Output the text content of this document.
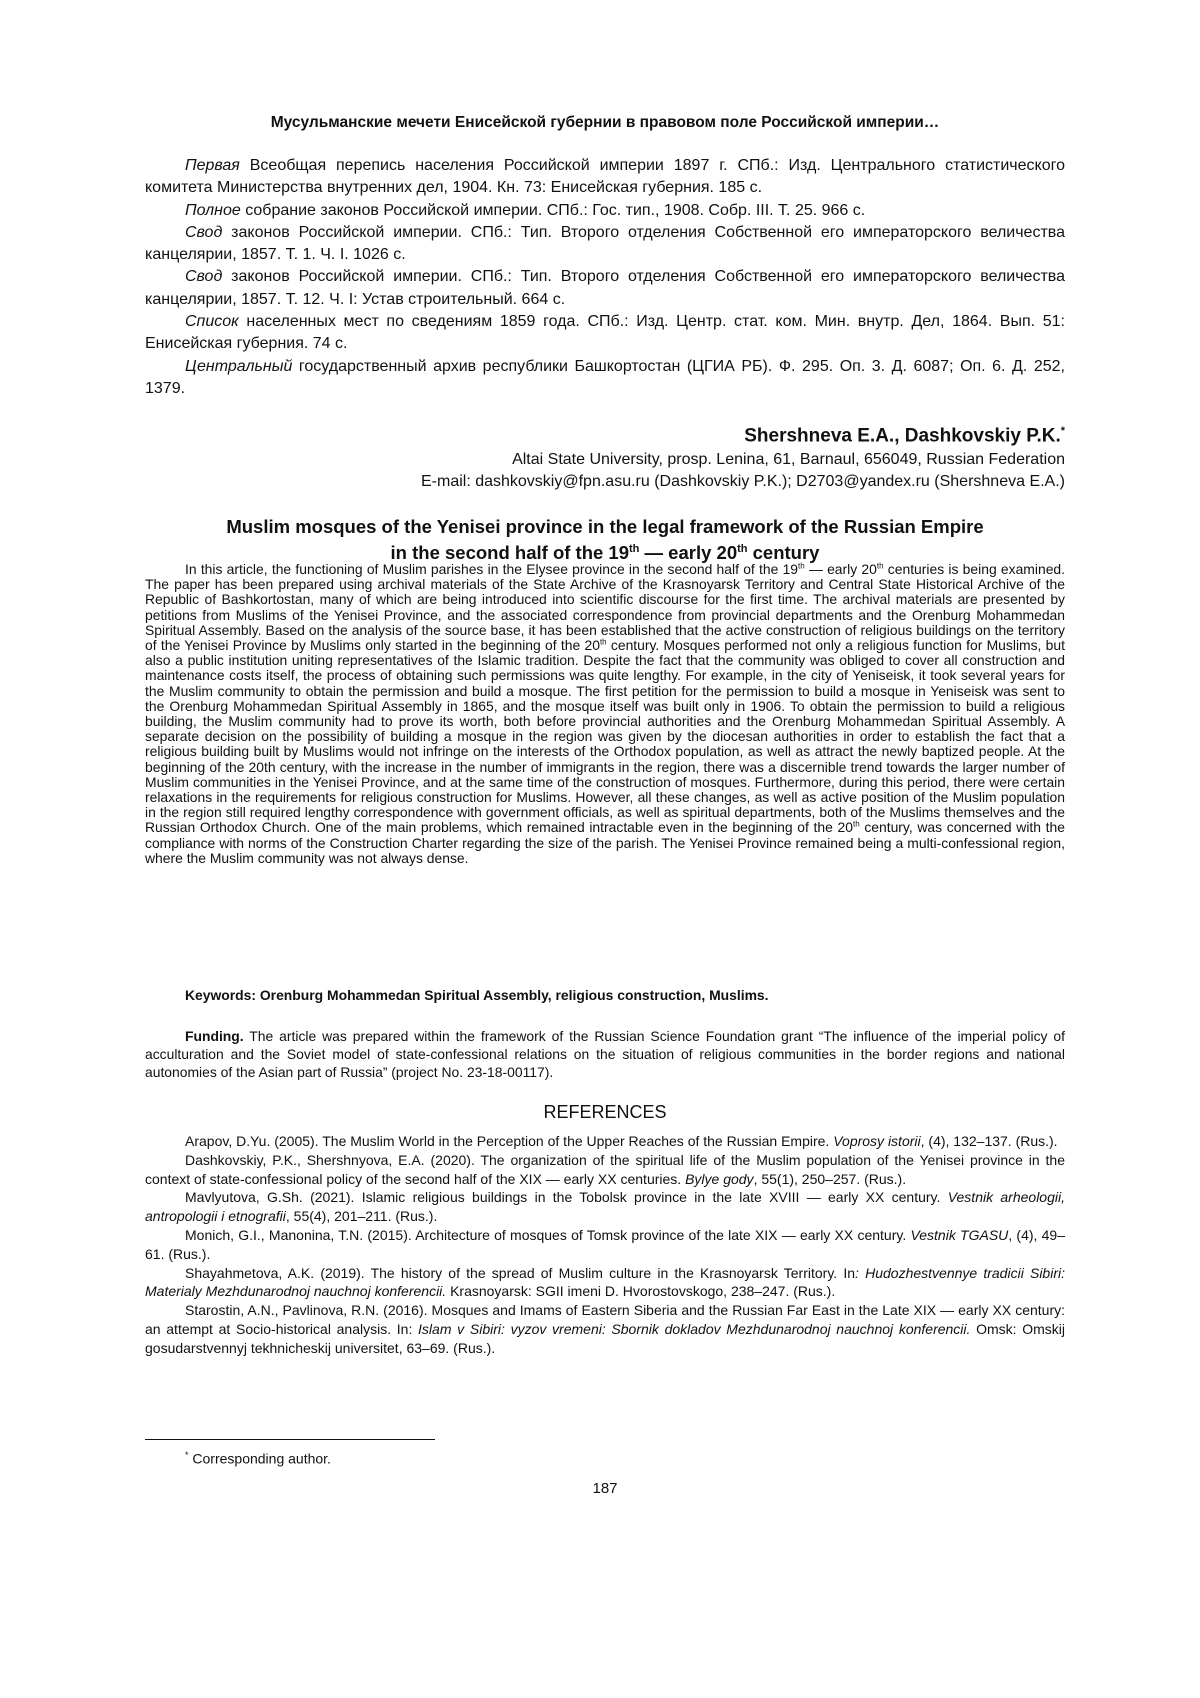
Мусульманские мечети Енисейской губернии в правовом поле Российской империи…

Первая Всеобщая перепись населения Российской империи 1897 г. СПб.: Изд. Центрального статистического комитета Министерства внутренних дел, 1904. Кн. 73: Енисейская губерния. 185 с.

Полное собрание законов Российской империи. СПб.: Гос. тип., 1908. Собр. III. Т. 25. 966 с.

Свод законов Российской империи. СПб.: Тип. Второго отделения Собственной его императорского величества канцелярии, 1857. Т. 1. Ч. I. 1026 с.

Свод законов Российской империи. СПб.: Тип. Второго отделения Собственной его императорского величества канцелярии, 1857. Т. 12. Ч. I: Устав строительный. 664 с.

Список населенных мест по сведениям 1859 года. СПб.: Изд. Центр. стат. ком. Мин. внутр. Дел, 1864. Вып. 51: Енисейская губерния. 74 с.

Центральный государственный архив республики Башкортостан (ЦГИА РБ). Ф. 295. Оп. 3. Д. 6087; Оп. 6. Д. 252, 1379.

Shershneva E.A., Dashkovskiy P.K.*
Altai State University, prosp. Lenina, 61, Barnaul, 656049, Russian Federation
E-mail: dashkovskiy@fpn.asu.ru (Dashkovskiy P.K.); D2703@yandex.ru (Shershneva E.A.)
Muslim mosques of the Yenisei province in the legal framework of the Russian Empire
in the second half of the 19th — early 20th century

In this article, the functioning of Muslim parishes in the Elysee province in the second half of the 19th — early 20th centuries is being examined. The paper has been prepared using archival materials of the State Archive of the Krasnoyarsk Territory and Central State Historical Archive of the Republic of Bashkortostan, many of which are being introduced into scientific discourse for the first time. The archival materials are presented by petitions from Muslims of the Yenisei Province, and the associated correspondence from provincial departments and the Orenburg Mohammedan Spiritual Assembly. Based on the analysis of the source base, it has been established that the active construction of religious buildings on the territory of the Yenisei Province by Muslims only started in the beginning of the 20th century. Mosques performed not only a religious function for Muslims, but also a public institution uniting representatives of the Islamic tradition. Despite the fact that the community was obliged to cover all construction and maintenance costs itself, the process of obtaining such permissions was quite lengthy. For example, in the city of Yeniseisk, it took several years for the Muslim community to obtain the permission and build a mosque. The first petition for the permission to build a mosque in Yeniseisk was sent to the Orenburg Mohammedan Spiritual Assembly in 1865, and the mosque itself was built only in 1906. To obtain the permission to build a religious building, the Muslim community had to prove its worth, both before provincial authorities and the Orenburg Mohammedan Spiritual Assembly. A separate decision on the possibility of building a mosque in the region was given by the diocesan authorities in order to establish the fact that a religious building built by Muslims would not infringe on the interests of the Orthodox population, as well as attract the newly baptized people. At the beginning of the 20th century, with the increase in the number of immigrants in the region, there was a discernible trend towards the larger number of Muslim communities in the Yenisei Province, and at the same time of the construction of mosques. Furthermore, during this period, there were certain relaxations in the requirements for religious construction for Muslims. However, all these changes, as well as active position of the Muslim population in the region still required lengthy correspondence with government officials, as well as spiritual departments, both of the Muslims themselves and the Russian Orthodox Church. One of the main problems, which remained intractable even in the beginning of the 20th century, was concerned with the compliance with norms of the Construction Charter regarding the size of the parish. The Yenisei Province remained being a multi-confessional region, where the Muslim community was not always dense.

Keywords: Orenburg Mohammedan Spiritual Assembly, religious construction, Muslims.

Funding. The article was prepared within the framework of the Russian Science Foundation grant “The influence of the imperial policy of acculturation and the Soviet model of state-confessional relations on the situation of religious communities in the border regions and national autonomies of the Asian part of Russia” (project No. 23-18-00117).

REFERENCES

Arapov, D.Yu. (2005). The Muslim World in the Perception of the Upper Reaches of the Russian Empire. Voprosy istorii, (4), 132–137. (Rus.).

Dashkovskiy, P.K., Shershnyova, E.A. (2020). The organization of the spiritual life of the Muslim population of the Yenisei province in the context of state-confessional policy of the second half of the XIX — early XX centuries. Bylye gody, 55(1), 250–257. (Rus.).

Mavlyutova, G.Sh. (2021). Islamic religious buildings in the Tobolsk province in the late XVIII — early XX century. Vestnik arheologii, antropologii i etnografii, 55(4), 201–211. (Rus.).

Monich, G.I., Manonina, T.N. (2015). Architecture of mosques of Tomsk province of the late XIX — early XX century. Vestnik TGASU, (4), 49–61. (Rus.).

Shayahmetova, A.K. (2019). The history of the spread of Muslim culture in the Krasnoyarsk Territory. In: Hudozhestvennye tradicii Sibiri: Materialy Mezhdunarodnoj nauchnoj konferencii. Krasnoyarsk: SGII imeni D. Hvorostovskogo, 238–247. (Rus.).

Starostin, A.N., Pavlinova, R.N. (2016). Mosques and Imams of Eastern Siberia and the Russian Far East in the Late XIX — early XX century: an attempt at Socio-historical analysis. In: Islam v Sibiri: vyzov vremeni: Sbornik dokladov Mezhdunarodnoj nauchnoj konferencii. Omsk: Omskij gosudarstvennyj tekhnicheskij universitet, 63–69. (Rus.).

* Corresponding author.
187
